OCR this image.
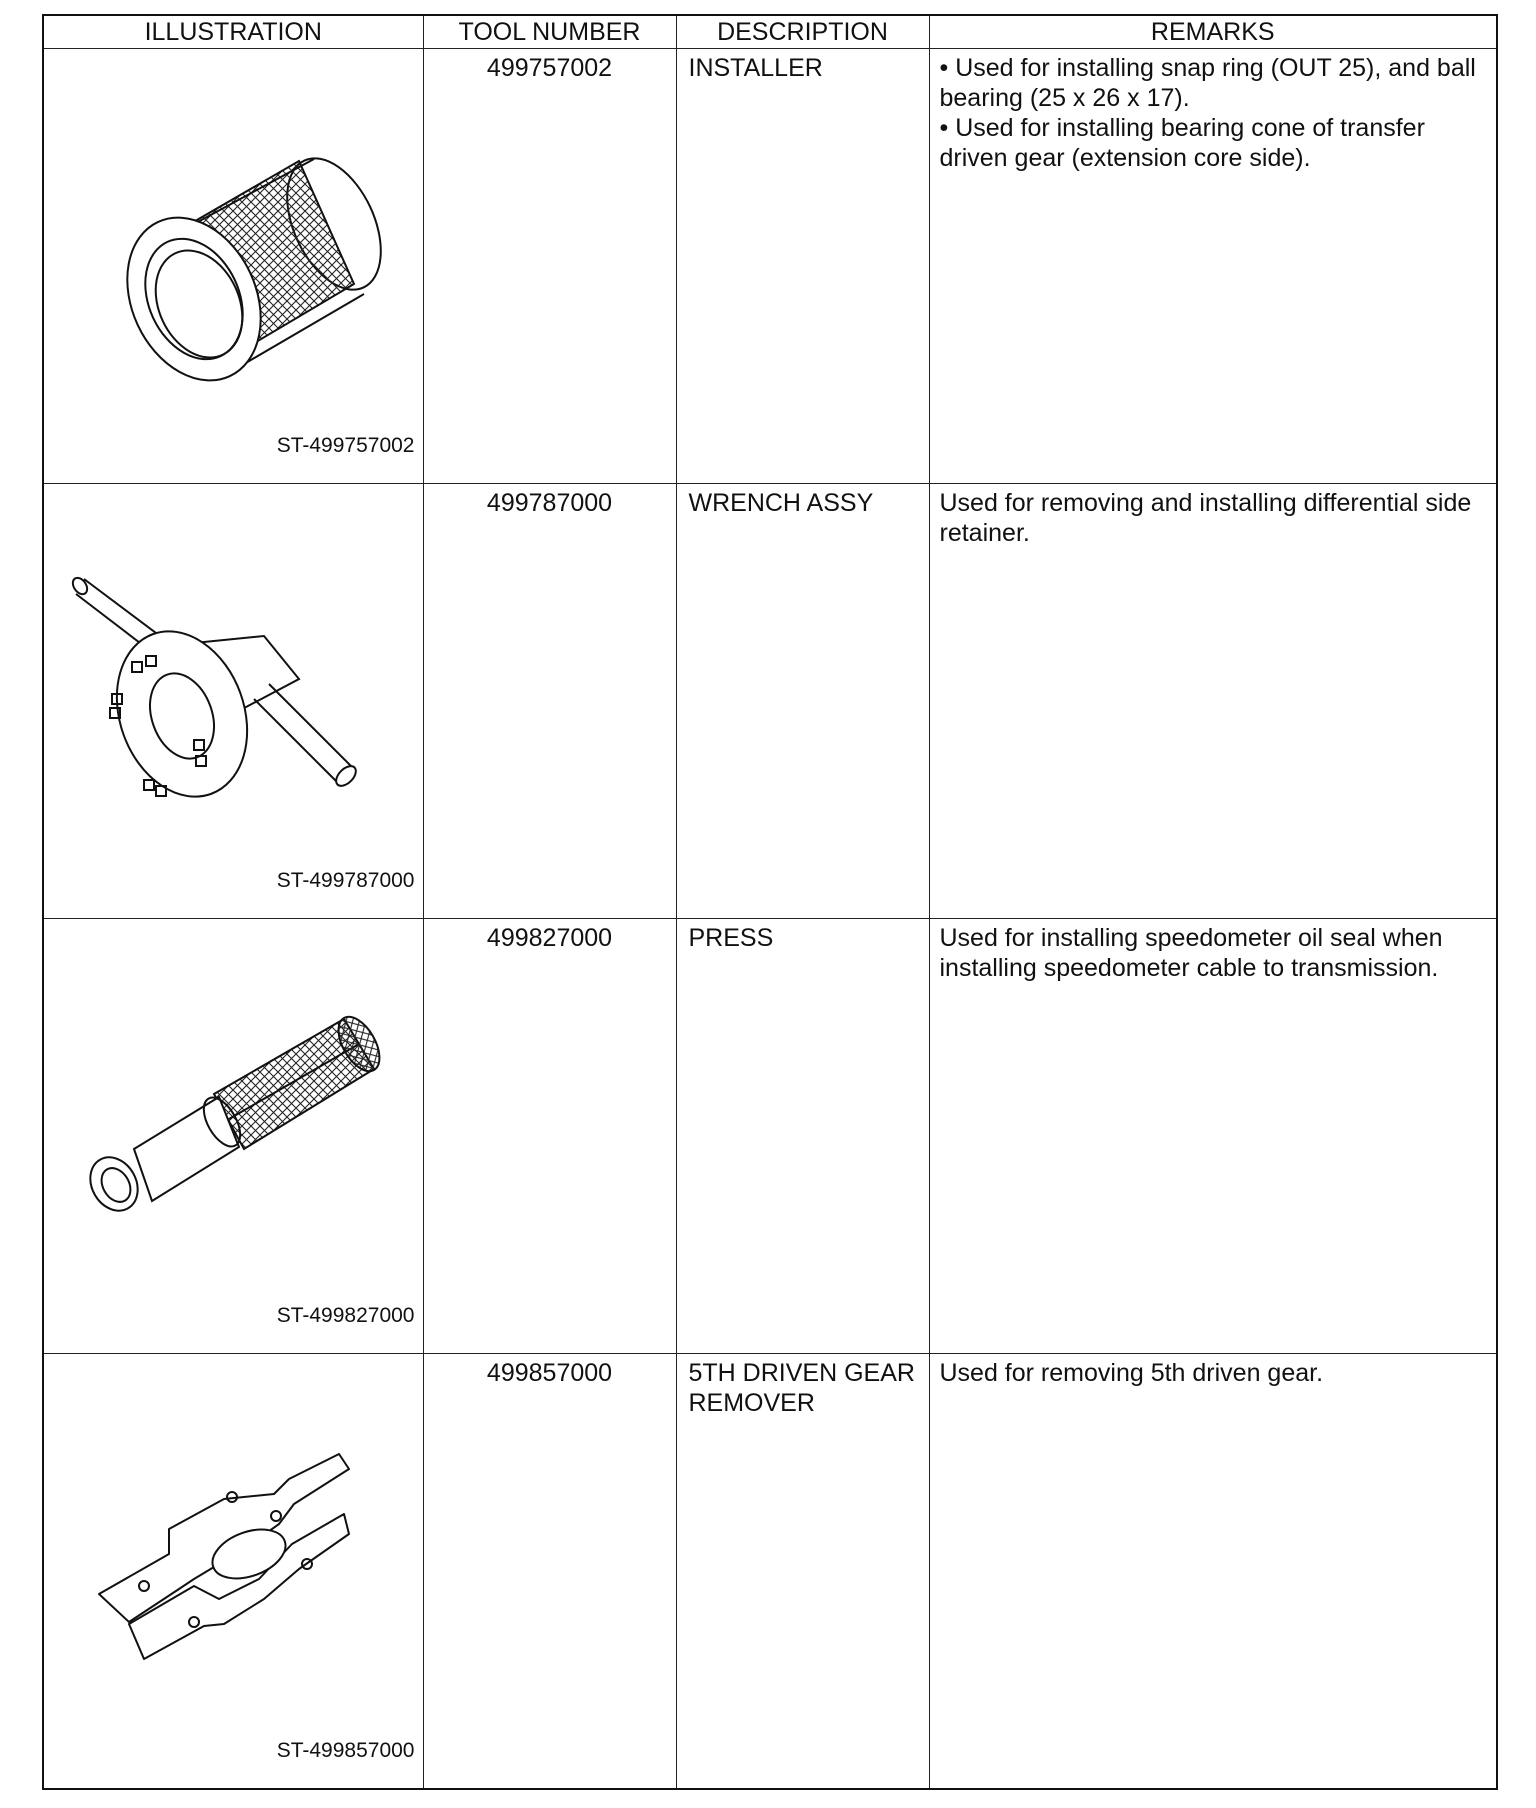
ILLUSTRATION	TOOL NUMBER	DESCRIPTION	REMARKS

ST-499757002	499757002	INSTALLER	• Used for installing snap ring (OUT 25), and ball bearing (25 x 26 x 17).

• Used for installing bearing cone of transfer driven gear (extension core side).

ST-499787000	499787000	WRENCH ASSY	Used for removing and installing differential side retainer.

ST-499827000	499827000	PRESS	Used for installing speedometer oil seal when installing speedometer cable to transmission.

ST-499857000	499857000	5TH DRIVEN GEAR REMOVER	Used for removing 5th driven gear.
